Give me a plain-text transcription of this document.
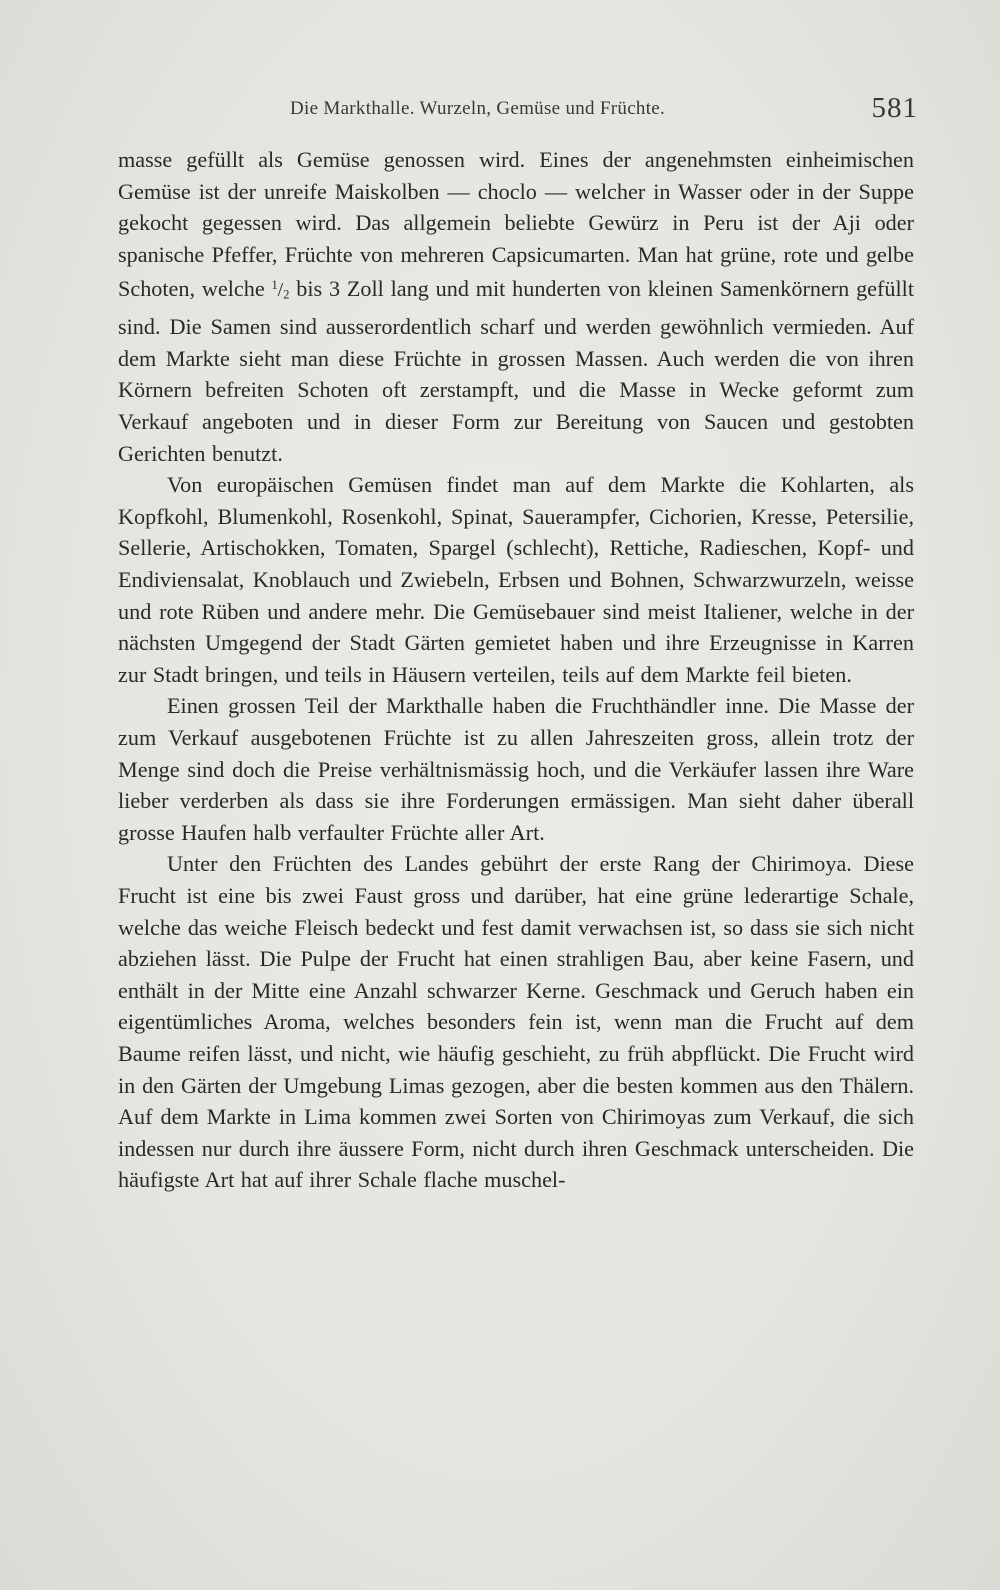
Die Markthalle. Wurzeln, Gemüse und Früchte.	581

masse gefüllt als Gemüse genossen wird. Eines der angenehmsten einheimischen Gemüse ist der unreife Maiskolben — choclo — welcher in Wasser oder in der Suppe gekocht gegessen wird. Das allgemein beliebte Gewürz in Peru ist der Aji oder spanische Pfeffer, Früchte von mehreren Capsicumarten. Man hat grüne, rote und gelbe Schoten, welche $^1/_2$ bis 3 Zoll lang und mit hunderten von kleinen Samenkörnern gefüllt sind. Die Samen sind ausserordentlich scharf und werden gewöhnlich vermieden. Auf dem Markte sieht man diese Früchte in grossen Massen. Auch werden die von ihren Körnern befreiten Schoten oft zerstampft, und die Masse in Wecke geformt zum Verkauf angeboten und in dieser Form zur Bereitung von Saucen und gestobten Gerichten benutzt.

Von europäischen Gemüsen findet man auf dem Markte die Kohlarten, als Kopfkohl, Blumenkohl, Rosenkohl, Spinat, Sauerampfer, Cichorien, Kresse, Petersilie, Sellerie, Artischokken, Tomaten, Spargel (schlecht), Rettiche, Radieschen, Kopf- und Endiviensalat, Knoblauch und Zwiebeln, Erbsen und Bohnen, Schwarzwurzeln, weisse und rote Rüben und andere mehr. Die Gemüsebauer sind meist Italiener, welche in der nächsten Umgegend der Stadt Gärten gemietet haben und ihre Erzeugnisse in Karren zur Stadt bringen, und teils in Häusern verteilen, teils auf dem Markte feil bieten.

Einen grossen Teil der Markthalle haben die Fruchthändler inne. Die Masse der zum Verkauf ausgebotenen Früchte ist zu allen Jahreszeiten gross, allein trotz der Menge sind doch die Preise verhältnismässig hoch, und die Verkäufer lassen ihre Ware lieber verderben als dass sie ihre Forderungen ermässigen. Man sieht daher überall grosse Haufen halb verfaulter Früchte aller Art.

Unter den Früchten des Landes gebührt der erste Rang der Chirimoya. Diese Frucht ist eine bis zwei Faust gross und darüber, hat eine grüne lederartige Schale, welche das weiche Fleisch bedeckt und fest damit verwachsen ist, so dass sie sich nicht abziehen lässt. Die Pulpe der Frucht hat einen strahligen Bau, aber keine Fasern, und enthält in der Mitte eine Anzahl schwarzer Kerne. Geschmack und Geruch haben ein eigentümliches Aroma, welches besonders fein ist, wenn man die Frucht auf dem Baume reifen lässt, und nicht, wie häufig geschieht, zu früh abpflückt. Die Frucht wird in den Gärten der Umgebung Limas gezogen, aber die besten kommen aus den Thälern. Auf dem Markte in Lima kommen zwei Sorten von Chirimoyas zum Verkauf, die sich indessen nur durch ihre äussere Form, nicht durch ihren Geschmack unterscheiden. Die häufigste Art hat auf ihrer Schale flache muschel-
